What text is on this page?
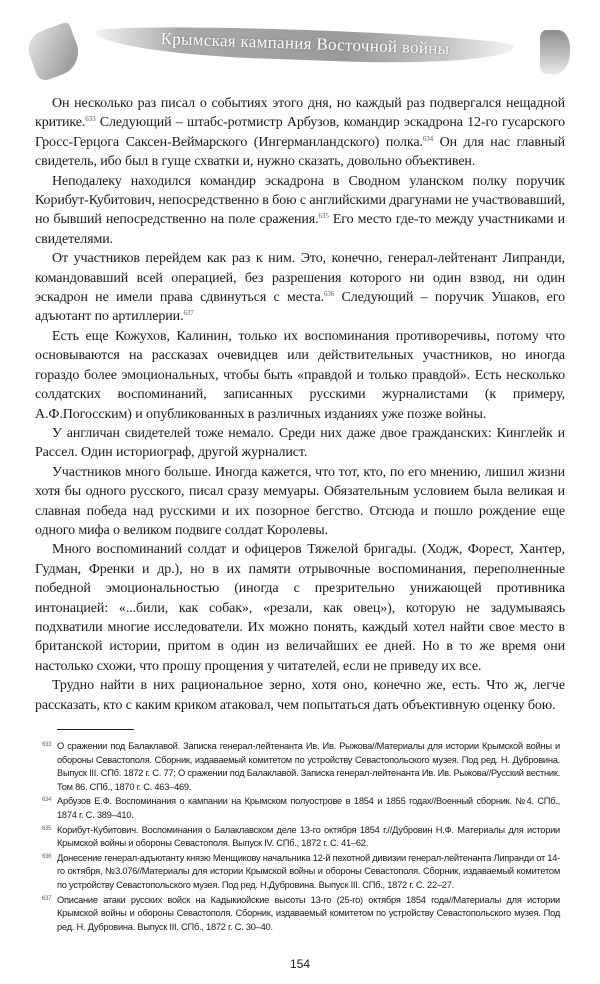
Крымская кампания Восточной войны

Он несколько раз писал о событиях этого дня, но каждый раз подвергался нещадной критике.$^{633}$ Следующий – штабс-ротмистр Арбузов, командир эскадрона 12-го гусарского Гросс-Герцога Саксен-Веймарского (Ингерманландского) полка.$^{634}$ Он для нас главный свидетель, ибо был в гуще схватки и, нужно сказать, довольно объективен.

Неподалеку находился командир эскадрона в Сводном уланском полку поручик Корибут-Кубитович, непосредственно в бою с английскими драгунами не участвовавший, но бывший непосредственно на поле сражения.$^{635}$ Его место где-то между участниками и свидетелями.

От участников перейдем как раз к ним. Это, конечно, генерал-лейтенант Липранди, командовавший всей операцией, без разрешения которого ни один взвод, ни один эскадрон не имели права сдвинуться с места.$^{636}$ Следующий – поручик Ушаков, его адъютант по артиллерии.$^{637}$

Есть еще Кожухов, Калинин, только их воспоминания противоречивы, потому что основываются на рассказах очевидцев или действительных участников, но иногда гораздо более эмоциональных, чтобы быть «правдой и только правдой». Есть несколько солдатских воспоминаний, записанных русскими журналистами (к примеру, А.Ф.Погосским) и опубликованных в различных изданиях уже позже войны.

У англичан свидетелей тоже немало. Среди них даже двое гражданских: Кинглейк и Рассел. Один историограф, другой журналист.

Участников много больше. Иногда кажется, что тот, кто, по его мнению, лишил жизни хотя бы одного русского, писал сразу мемуары. Обязательным условием была великая и славная победа над русскими и их позорное бегство. Отсюда и пошло рождение еще одного мифа о великом подвиге солдат Королевы.

Много воспоминаний солдат и офицеров Тяжелой бригады. (Ходж, Форест, Хантер, Гудман, Френки и др.), но в их памяти отрывочные воспоминания, переполненные победной эмоциональностью (иногда с презрительно унижающей противника интонацией: «...били, как собак», «резали, как овец»), которую не задумываясь подхватили многие исследователи. Их можно понять, каждый хотел найти свое место в британской истории, притом в один из величайших ее дней. Но в то же время они настолько схожи, что прошу прощения у читателей, если не приведу их все.

Трудно найти в них рациональное зерно, хотя оно, конечно же, есть. Что ж, легче рассказать, кто с каким криком атаковал, чем попытаться дать объективную оценку бою.

633 О сражении под Балаклавой. Записка генерал-лейтенанта Ив. Ив. Рыжова//Материалы для истории Крымской войны и обороны Севастополя. Сборник, издаваемый комитетом по устройству Севастопольского музея. Под ред. Н. Дубровина. Выпуск III. СПб. 1872 г. С. 77; О сражении под Балаклавой. Записка генерал-лейтенанта Ив. Ив. Рыжова//Русский вестник. Том 86. СПб., 1870 г. С. 463–469.
634 Арбузов Е.Ф. Воспоминания о кампании на Крымском полуострове в 1854 и 1855 годах//Военный сборник. №4. СПб., 1874 г. С. 389–410.
635 Корибут-Кубитович. Воспоминания о Балаклавском деле 13-го октября 1854 г.//Дубровин Н.Ф. Материалы для истории Крымской войны и обороны Севастополя. Выпуск IV. СПб., 1872 г. С. 41–62.
636 Донесение генерал-адъютанту князю Менщикову начальника 12-й пехотной дивизии генерал-лейтенанта Липранди от 14-го октября, №3.076//Материалы для истории Крымской войны и обороны Севастополя. Сборник, издаваемый комитетом по устройству Севастопольского музея. Под ред. Н.Дубровина. Выпуск III. СПб., 1872 г. С. 22–27.
637 Описание атаки русских войск на Кадыкиойские высоты 13-го (25-го) октября 1854 года//Материалы для истории Крымской войны и обороны Севастополя. Сборник, издаваемый комитетом по устройству Севастопольского музея. Под ред. Н. Дубровина. Выпуск III. СПб., 1872 г. С. 30–40.
154
